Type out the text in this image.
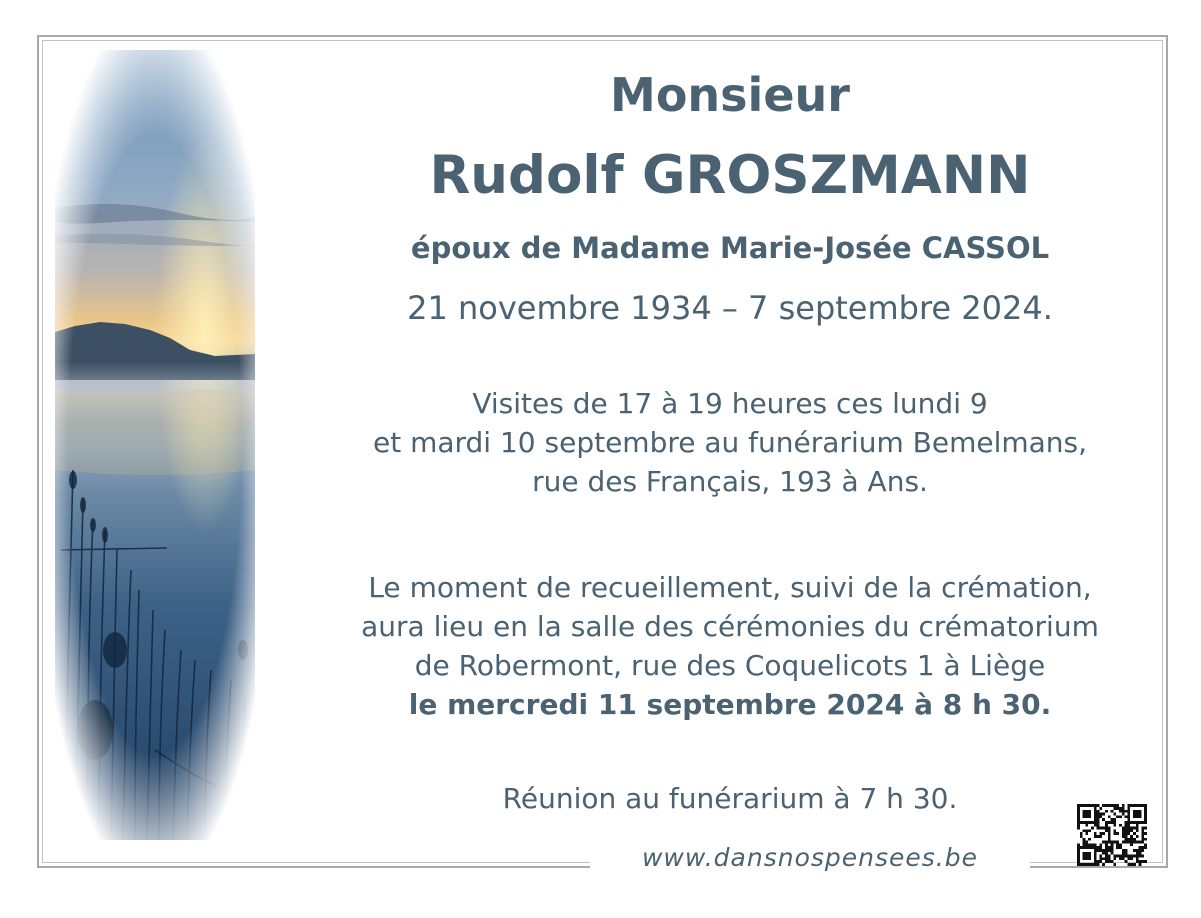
Monsieur
Rudolf GROSZMANN
époux de Madame Marie-Josée CASSOL
21 novembre 1934 – 7 septembre 2024.
Visites de 17 à 19 heures ces lundi 9
et mardi 10 septembre au funérarium Bemelmans,
rue des Français, 193 à Ans.
Le moment de recueillement, suivi de la crémation,
aura lieu en la salle des cérémonies du crématorium
de Robermont, rue des Coquelicots 1 à Liège
le mercredi 11 septembre 2024 à 8 h 30.
Réunion au funérarium à 7 h 30.
www.dansnospensees.be
